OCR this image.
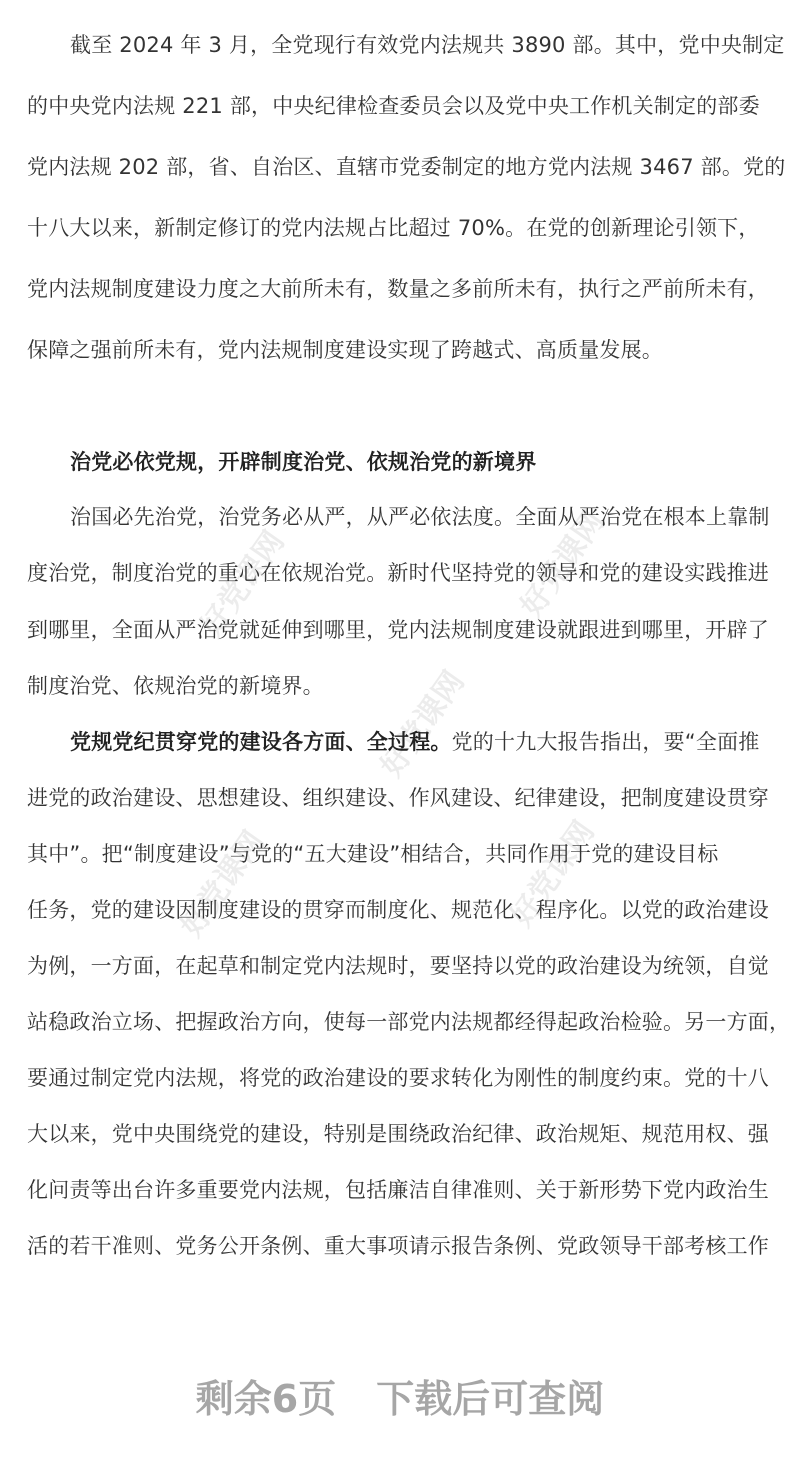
好党课网	好党课网
好党课网
好党课网	好党课网
截至 2024 年 3 月，全党现行有效党内法规共 3890 部。其中，党中央制定
的中央党内法规 221 部，中央纪律检查委员会以及党中央工作机关制定的部委
党内法规 202 部，省、自治区、直辖市党委制定的地方党内法规 3467 部。党的
十八大以来，新制定修订的党内法规占比超过 70%。在党的创新理论引领下，
党内法规制度建设力度之大前所未有，数量之多前所未有，执行之严前所未有，
保障之强前所未有，党内法规制度建设实现了跨越式、高质量发展。
治党必依党规，开辟制度治党、依规治党的新境界
治国必先治党，治党务必从严，从严必依法度。全面从严治党在根本上靠制
度治党，制度治党的重心在依规治党。新时代坚持党的领导和党的建设实践推进
到哪里，全面从严治党就延伸到哪里，党内法规制度建设就跟进到哪里，开辟了
制度治党、依规治党的新境界。
党规党纪贯穿党的建设各方面、全过程。党的十九大报告指出，要“全面推
进党的政治建设、思想建设、组织建设、作风建设、纪律建设，把制度建设贯穿
其中”。把“制度建设”与党的“五大建设”相结合，共同作用于党的建设目标
任务，党的建设因制度建设的贯穿而制度化、规范化、程序化。以党的政治建设
为例，一方面，在起草和制定党内法规时，要坚持以党的政治建设为统领，自觉
站稳政治立场、把握政治方向，使每一部党内法规都经得起政治检验。另一方面，
要通过制定党内法规，将党的政治建设的要求转化为刚性的制度约束。党的十八
大以来，党中央围绕党的建设，特别是围绕政治纪律、政治规矩、规范用权、强
化问责等出台许多重要党内法规，包括廉洁自律准则、关于新形势下党内政治生
活的若干准则、党务公开条例、重大事项请示报告条例、党政领导干部考核工作
剩余6页 下载后可查阅
